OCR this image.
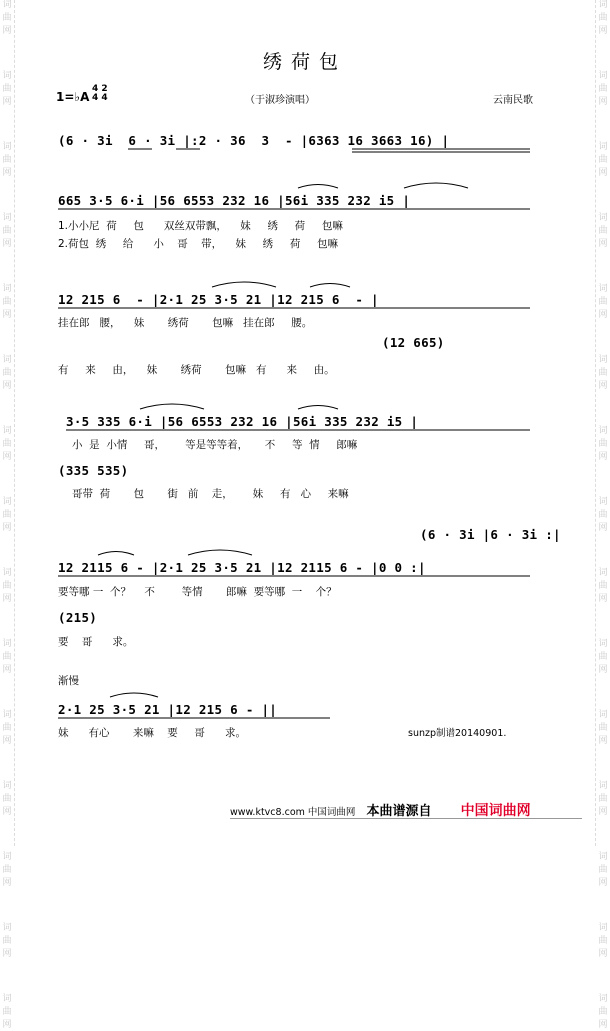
词
曲
网
词
曲
网
词
曲
网
词
曲
网
词
曲
网
词
曲
网
词
曲
网
词
曲
网
词
曲
网
词
曲
网
词
曲
网
词
曲
网
词
曲
网
词
曲
网
词
曲
网
词
曲
网
词
曲
网
词
曲
网
词
曲
网
词
曲
网
词
曲
网
词
曲
网
词
曲
网
词
曲
网
词
曲
网
词
曲
网
词
曲
网
词
曲
网
词
曲
网
词
曲
网
绣荷包
1=♭A
4 2
4 4	（于淑珍演唱）	云南民歌
(6 · 3i  6 · 3i |:2 · 36  3  - |6363 16 3663 16) |
665 3·5 6·i |56 6553 232 16 |56i 335 232 i5 |
1.小小尼  荷     包      双丝双带飘，    妹     绣     荷     包嘛
2.荷包  绣     给      小    哥    带，    妹     绣     荷     包嘛
12 215 6  - |2·1 25 3·5 21 |12 215 6  - |
挂在郎   腰，    妹       绣荷       包嘛   挂在郎     腰。
(12 665)
有     来     由，    妹       绣荷       包嘛   有      来     由。
3·5 335 6·i |56 6553 232 16 |56i 335 232 i5 |
小  是  小情     哥，      等是等等着，     不     等  情     郎嘛
(335 535)
哥带  荷       包       街   前    走，      妹     有   心     来嘛
(6 · 3i |6 · 3i :|
12 2115 6 - |2·1 25 3·5 21 |12 2115 6 - |0 0 :|
要等哪 一  个？    不        等情       郎嘛  要等哪  一    个？
(215)
要    哥      求。
渐慢
2·1 25 3·5 21 |12 215 6 - ||
妹      有心       来嘛    要     哥      求。	sunzp制谱20140901.
www.ktvc8.com 中国词曲网 本曲谱源自 中国词曲网
